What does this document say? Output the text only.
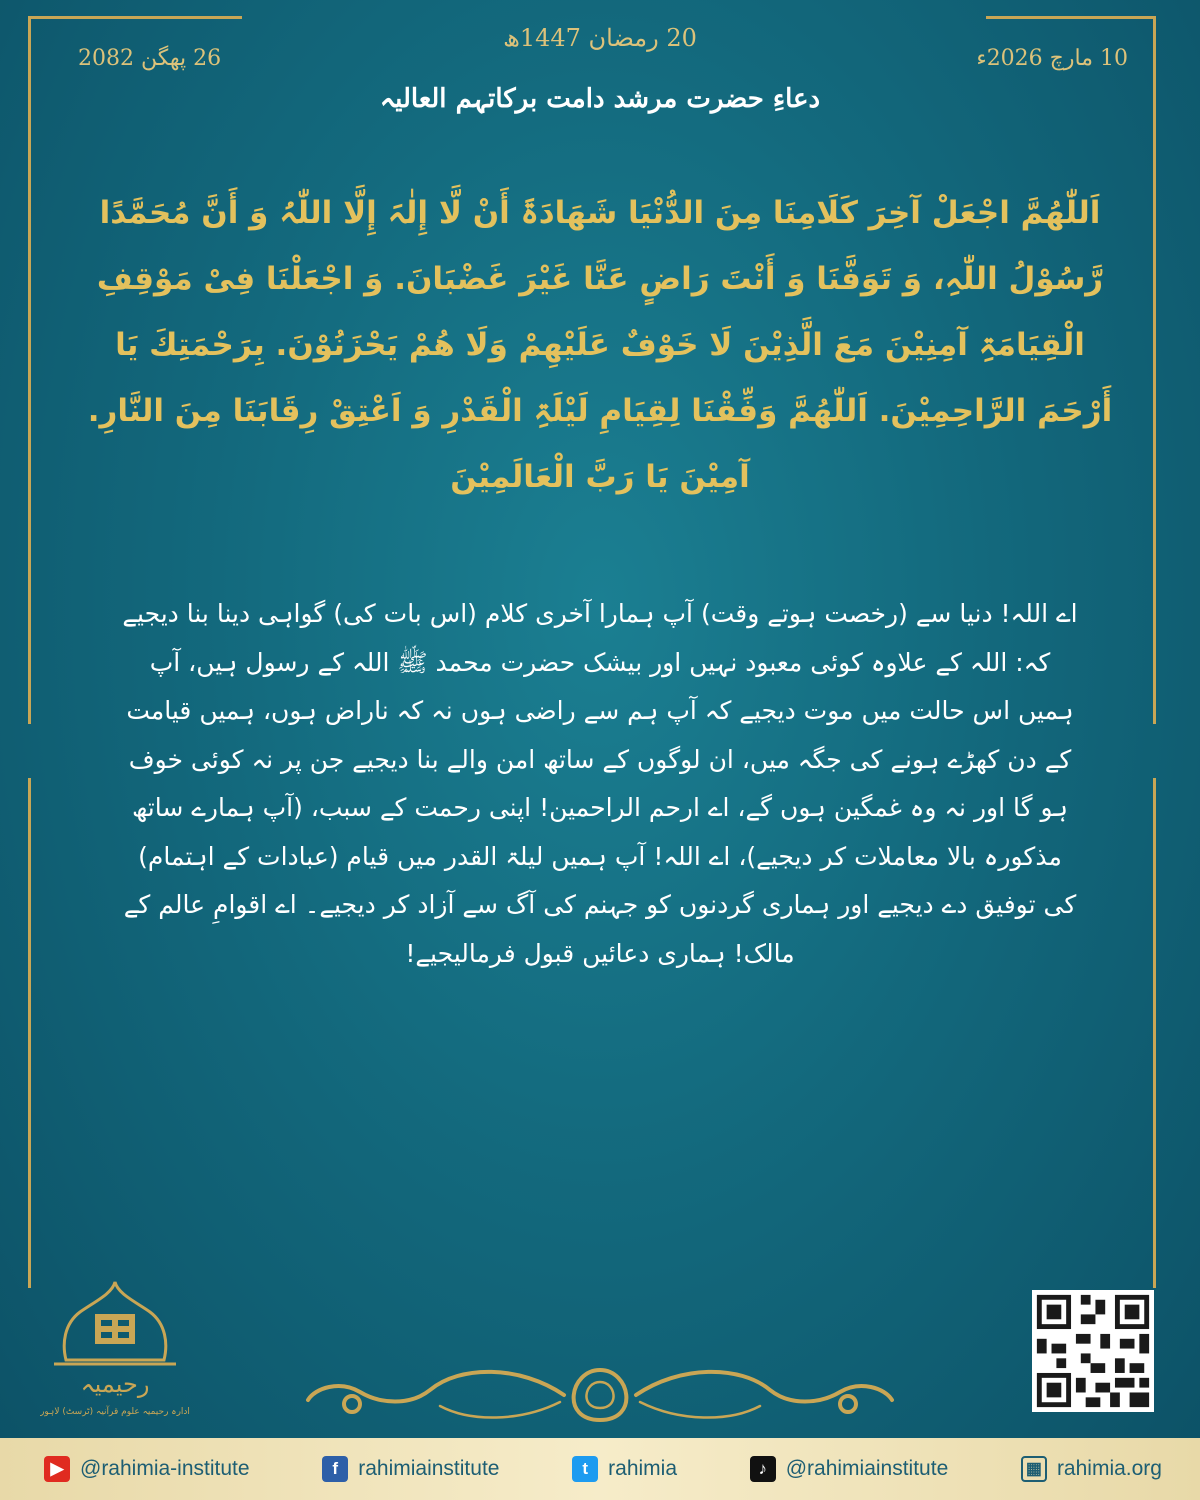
20 رمضان 1447ھ
10 مارچ 2026ء
26 پھگن 2082
دعاءِ حضرت مرشد دامت برکاتہم العالیہ
اَللّٰھُمَّ اجْعَلْ آخِرَ کَلَامِنَا مِنَ الدُّنْیَا شَھَادَۃَ أَنْ لَّا إِلٰہَ إِلَّا اللّٰہُ وَ أَنَّ مُحَمَّدًا رَّسُوْلُ اللّٰہِ، وَ تَوَفَّنَا وَ أَنْتَ رَاضٍ عَنَّا غَیْرَ غَضْبَانَ. وَ اجْعَلْنَا فِیْ مَوْقِفِ الْقِیَامَۃِ آمِنِیْنَ مَعَ الَّذِیْنَ لَا خَوْفٌ عَلَیْھِمْ وَلَا ھُمْ یَحْزَنُوْنَ. بِرَحْمَتِكَ یَا أَرْحَمَ الرَّاحِمِیْنَ. اَللّٰھُمَّ وَفِّقْنَا لِقِیَامِ لَیْلَۃِ الْقَدْرِ وَ اَعْتِقْ رِقَابَنَا مِنَ النَّارِ. آمِیْنَ یَا رَبَّ الْعَالَمِیْنَ
اے اللہ! دنیا سے (رخصت ہوتے وقت) آپ ہمارا آخری کلام (اس بات کی) گواہی دینا بنا دیجیے کہ: اللہ کے علاوہ کوئی معبود نہیں اور بیشک حضرت محمد ﷺ اللہ کے رسول ہیں، آپ ہمیں اس حالت میں موت دیجیے کہ آپ ہم سے راضی ہوں نہ کہ ناراض ہوں، ہمیں قیامت کے دن کھڑے ہونے کی جگہ میں، ان لوگوں کے ساتھ امن والے بنا دیجیے جن پر نہ کوئی خوف ہو گا اور نہ وہ غمگین ہوں گے، اے ارحم الراحمین! اپنی رحمت کے سبب، (آپ ہمارے ساتھ مذکورہ بالا معاملات کر دیجیے)، اے اللہ! آپ ہمیں لیلۃ القدر میں قیام (عبادات کے اہتمام) کی توفیق دے دیجیے اور ہماری گردنوں کو جہنم کی آگ سے آزاد کر دیجیے۔ اے اقوامِ عالم کے مالک! ہماری دعائیں قبول فرمالیجیے!
رحیمیہ
ادارہ رحیمیہ علوم قرآنیہ (ٹرسٹ) لاہور
▶ @rahimia-institute	f rahimiainstitute	t rahimia	♪ @rahimiainstitute	▦ rahimia.org
